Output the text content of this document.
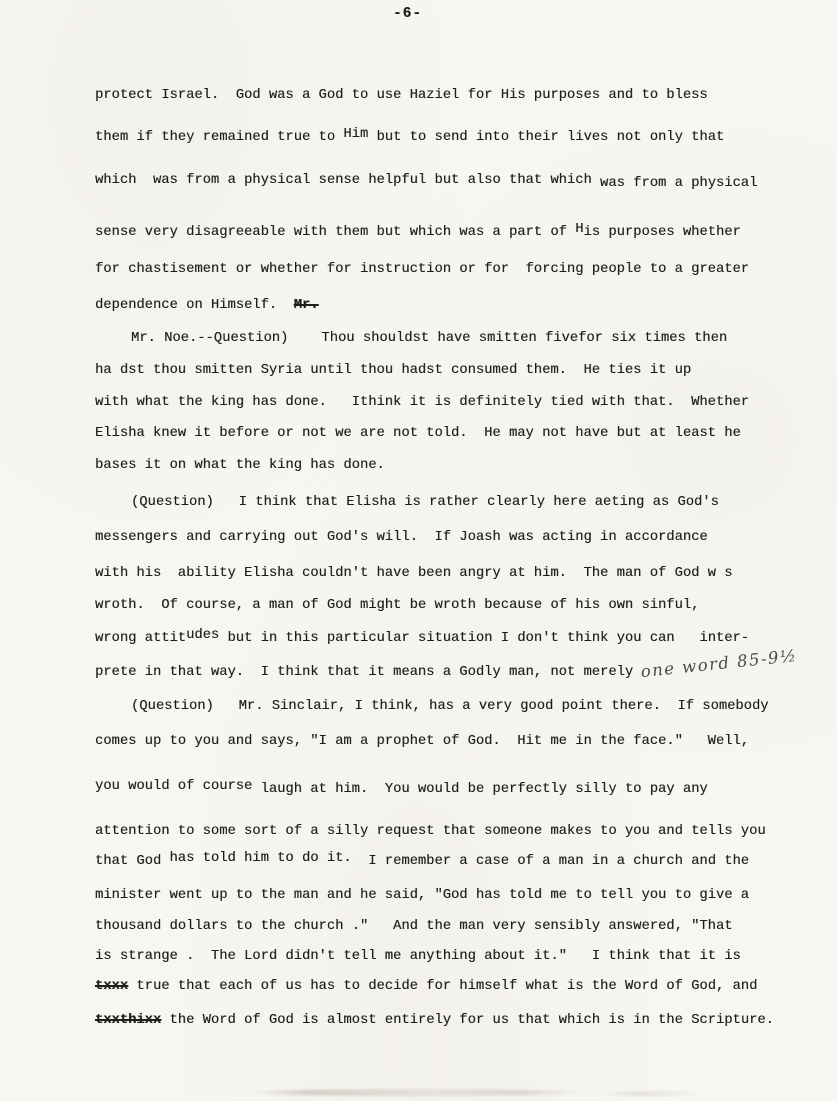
-6-
protect Israel.  God was a God to use Haziel for His purposes and to bless
them if they remained true to Him but to send into their lives not only that
which  was from a physical sense helpful but also that which was from a physical
sense very disagreeable with them but which was a part of His purposes whether
for chastisement or whether for instruction or for  forcing people to a greater
dependence on Himself.  Mr.
Mr. Noe.--Question)    Thou shouldst have smitten fivefor six times then
ha dst thou smitten Syria until thou hadst consumed them.  He ties it up
with what the king has done.   Ithink it is definitely tied with that.  Whether
Elisha knew it before or not we are not told.  He may not have but at least he
bases it on what the king has done.
(Question)   I think that Elisha is rather clearly here aeting as God's
messengers and carrying out God's will.  If Joash was acting in accordance
with his  ability Elisha couldn't have been angry at him.  The man of God w s
wroth.  Of course, a man of God might be wroth because of his own sinful,
wrong attitudes but in this particular situation I don't think you can   inter-
prete in that way.  I think that it means a Godly man, not merely one word 85-9½
(Question)   Mr. Sinclair, I think, has a very good point there.  If somebody
comes up to you and says, "I am a prophet of God.  Hit me in the face."   Well,
you would of course laugh at him.  You would be perfectly silly to pay any
attention to some sort of a silly request that someone makes to you and tells you
that God has told him to do it.  I remember a case of a man in a church and the
minister went up to the man and he said, "God has told me to tell you to give a
thousand dollars to the church ."   And the man very sensibly answered, "That
is strange .  The Lord didn't tell me anything about it."   I think that it is
txxx true that each of us has to decide for himself what is the Word of God, and
txxthixx the Word of God is almost entirely for us that which is in the Scripture.
